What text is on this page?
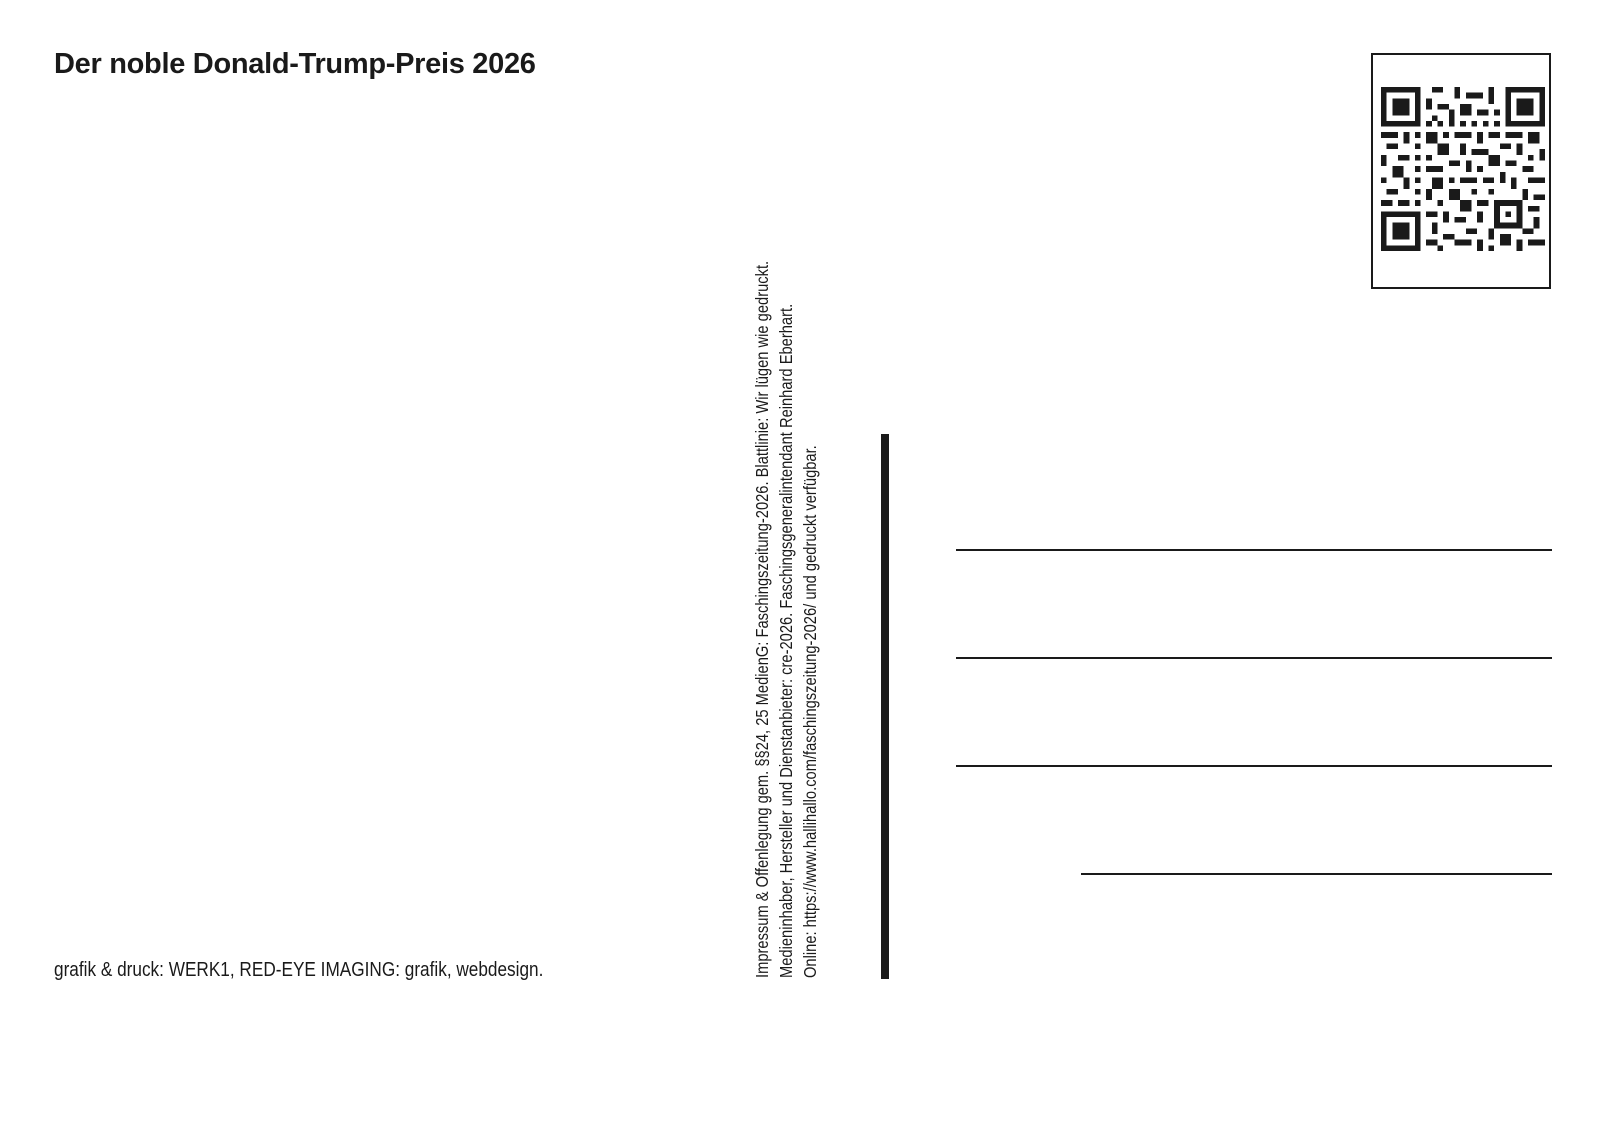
Der noble Donald-Trump-Preis 2026
grafik & druck: WERK1, RED-EYE IMAGING: grafik, webdesign.	Impressum & Offenlegung gem. §§24, 25 MedienG: Faschingszeitung-2026. Blattlinie: Wir lügen wie gedruckt. Medieninhaber, Hersteller und Dienstanbieter: cre-2026. Faschingsgeneralintendant Reinhard Eberhart. Online: https://www.hallihallo.com/faschingszeitung-2026/ und gedruckt verfügbar.
